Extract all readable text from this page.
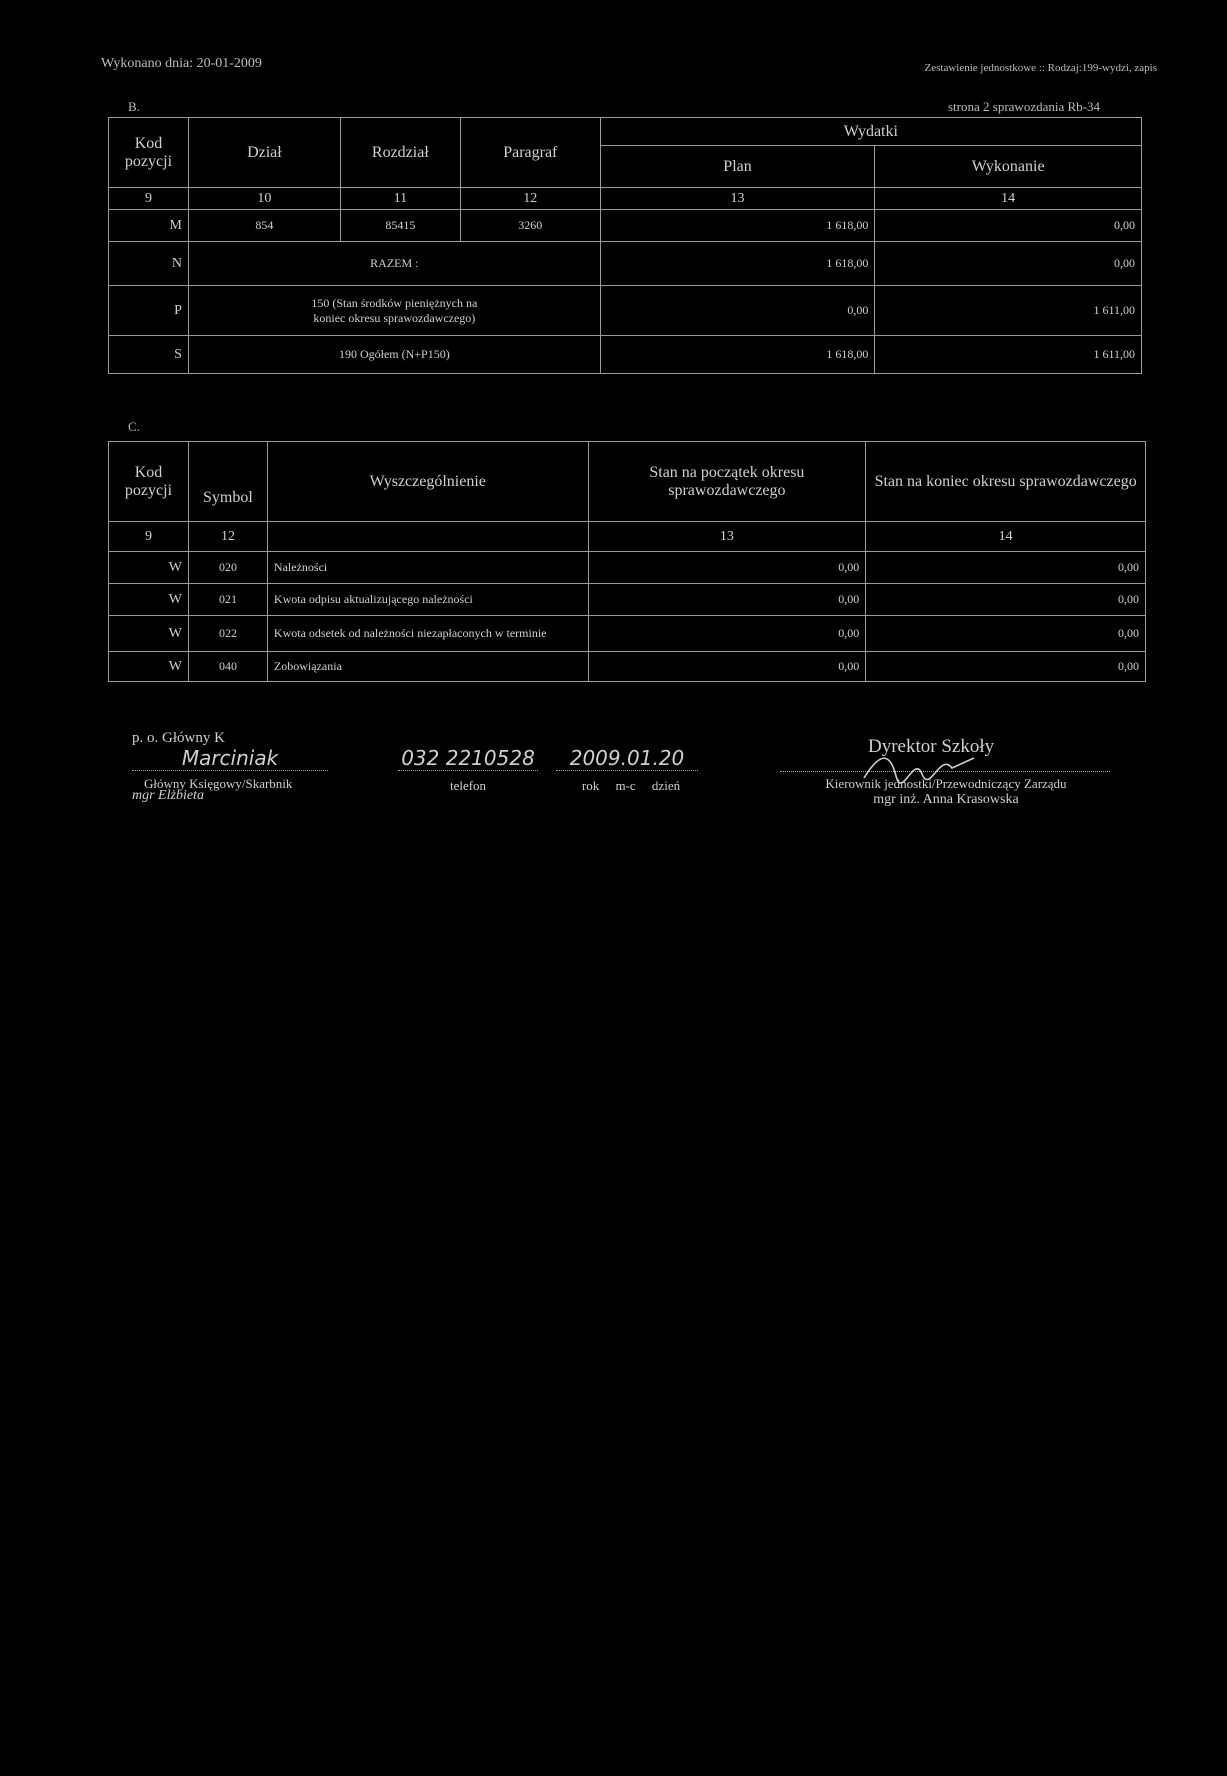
Wykonano dnia: 20-01-2009	Zestawienie jednostkowe :: Rodzaj:199-wydzi, zapis
B.	strona 2 sprawozdania Rb-34
Kod pozycji	Dział	Rozdział	Paragraf	Wydatki	
				Plan	Wykonanie
9	10	11	12	13	14
M	854	85415	3260	1 618,00	0,00
N	RAZEM :			1 618,00	0,00
P	150 (Stan środków pieniężnych na koniec okresu sprawozdawczego)			0,00	1 611,00
S	190 Ogółem (N+P150)			1 618,00	1 611,00
C.
Kod pozycji	Symbol	Wyszczególnienie	Stan na początek okresu sprawozdawczego	Stan na koniec okresu sprawozdawczego
9	12		13	14
W	020	Należności	0,00	0,00
W	021	Kwota odpisu aktualizującego należności	0,00	0,00
W	022	Kwota odsetek od należności niezapłaconych w terminie	0,00	0,00
W	040	Zobowiązania	0,00	0,00
p. o. Główny K
Marciniak
Główny Księgowy/Skarbnik
mgr Elżbieta
032 2210528
telefon
2009.01.20
rok     m-c     dzień
Dyrektor Szkoły
Kierownik jednostki/Przewodniczący Zarządu
mgr inż. Anna Krasowska
